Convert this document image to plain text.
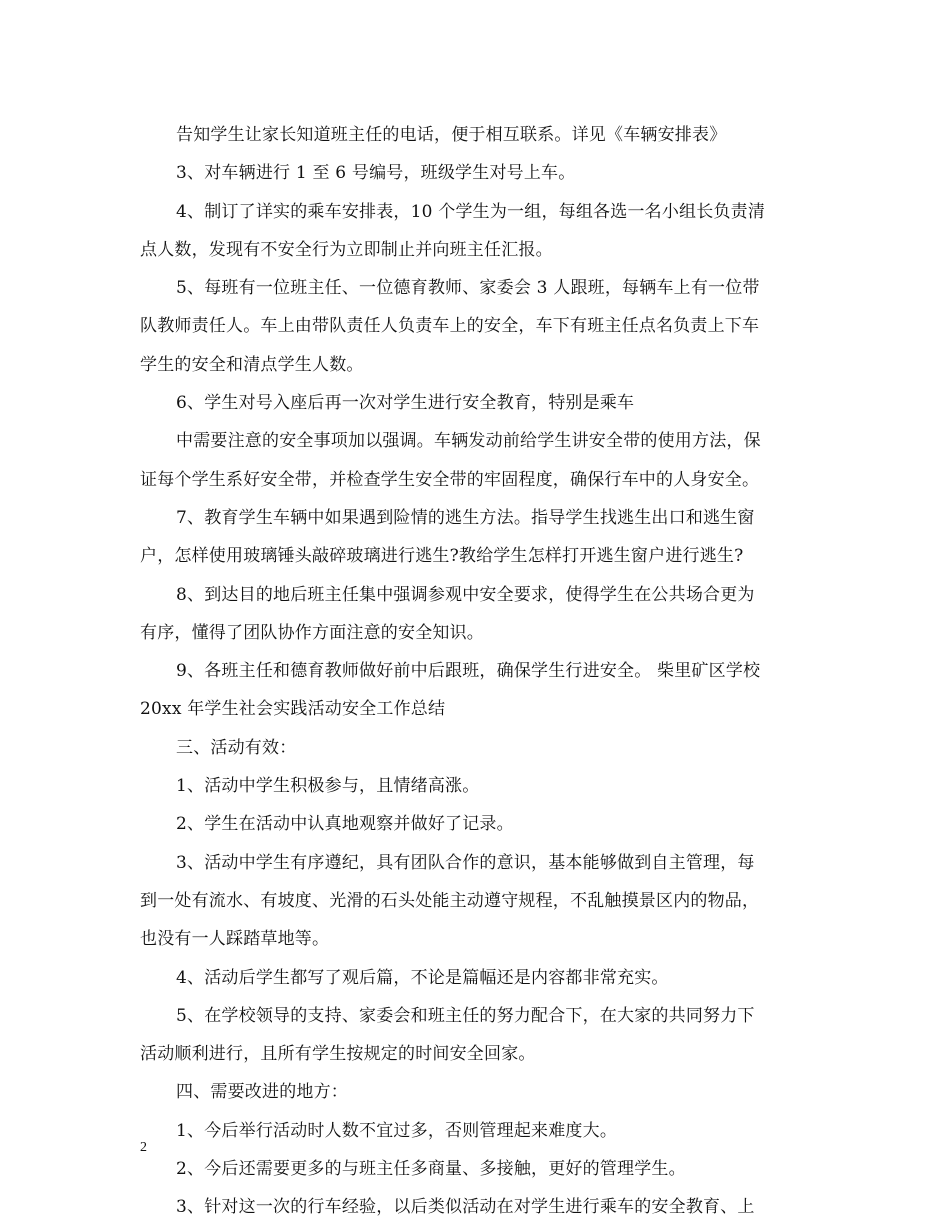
告知学生让家长知道班主任的电话，便于相互联系。详见《车辆安排表》
3、对车辆进行 1 至 6 号编号，班级学生对号上车。
4、制订了详实的乘车安排表，10 个学生为一组，每组各选一名小组长负责清
点人数，发现有不安全行为立即制止并向班主任汇报。
5、每班有一位班主任、一位德育教师、家委会 3 人跟班，每辆车上有一位带
队教师责任人。车上由带队责任人负责车上的安全，车下有班主任点名负责上下车
学生的安全和清点学生人数。
6、学生对号入座后再一次对学生进行安全教育，特别是乘车
中需要注意的安全事项加以强调。车辆发动前给学生讲安全带的使用方法，保
证每个学生系好安全带，并检查学生安全带的牢固程度，确保行车中的人身安全。
7、教育学生车辆中如果遇到险情的逃生方法。指导学生找逃生出口和逃生窗
户，怎样使用玻璃锤头敲碎玻璃进行逃生?教给学生怎样打开逃生窗户进行逃生?
8、到达目的地后班主任集中强调参观中安全要求，使得学生在公共场合更为
有序，懂得了团队协作方面注意的安全知识。
9、各班主任和德育教师做好前中后跟班，确保学生行进安全。 柴里矿区学校
20xx 年学生社会实践活动安全工作总结
三、活动有效：
1、活动中学生积极参与，且情绪高涨。
2、学生在活动中认真地观察并做好了记录。
3、活动中学生有序遵纪，具有团队合作的意识，基本能够做到自主管理，每
到一处有流水、有坡度、光滑的石头处能主动遵守规程，不乱触摸景区内的物品，
也没有一人踩踏草地等。
4、活动后学生都写了观后篇，不论是篇幅还是内容都非常充实。
5、在学校领导的支持、家委会和班主任的努力配合下，在大家的共同努力下
活动顺利进行，且所有学生按规定的时间安全回家。
四、需要改进的地方：
1、今后举行活动时人数不宜过多，否则管理起来难度大。
2、今后还需要更多的与班主任多商量、多接触，更好的管理学生。
3、针对这一次的行车经验，以后类似活动在对学生进行乘车的安全教育、上
2
